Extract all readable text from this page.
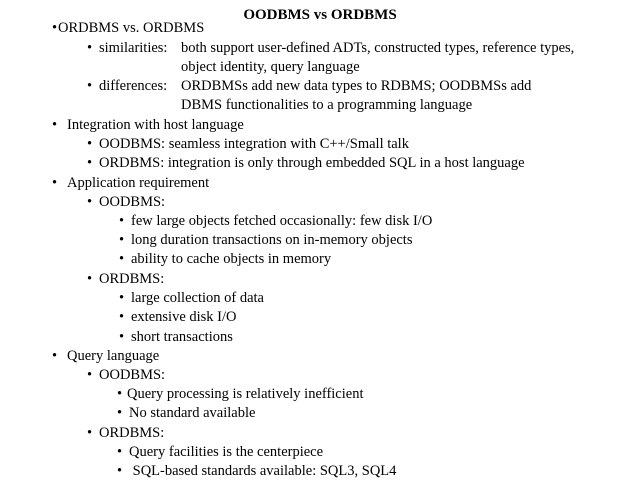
OODBMS vs ORDBMS
• ORDBMS vs. ORDBMS
• similarities: both support user-defined ADTs, constructed types, reference types,
object identity, query language
• differences: ORDBMSs add new data types to RDBMS; OODBMSs add
DBMS functionalities to a programming language
• Integration with host language
• OODBMS: seamless integration with C++/Small talk
• ORDBMS: integration is only through embedded SQL in a host language
• Application requirement
• OODBMS:
• few large objects fetched occasionally: few disk I/O
• long duration transactions on in-memory objects
• ability to cache objects in memory
• ORDBMS:
• large collection of data
• extensive disk I/O
• short transactions
• Query language
• OODBMS:
• Query processing is relatively inefficient
• No standard available
• ORDBMS:
• Query facilities is the centerpiece
• SQL-based standards available: SQL3, SQL4
